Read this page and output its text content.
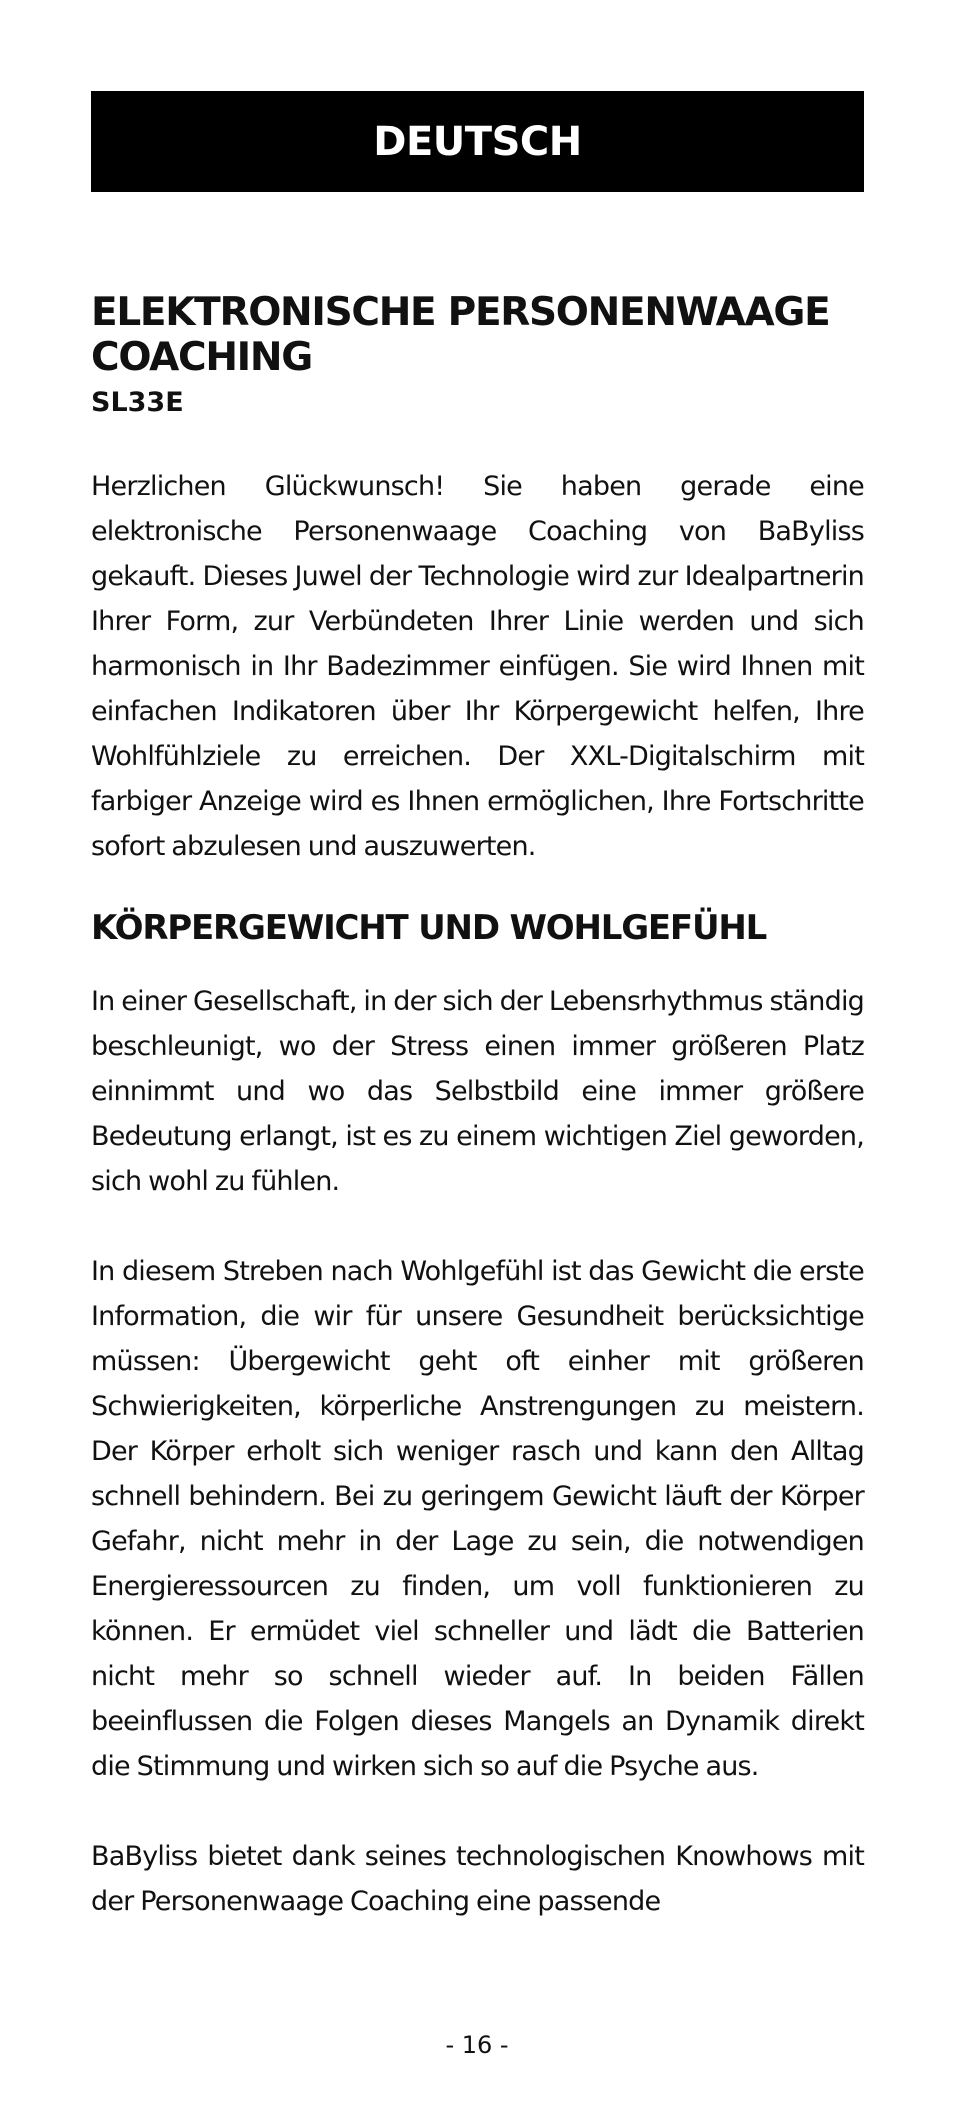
DEUTSCH
ELEKTRONISCHE PERSONENWAAGE COACHING
SL33E

Herzlichen Glückwunsch! Sie haben gerade eine elektronische Personenwaage Coaching von BaByliss gekauft. Dieses Juwel der Technologie wird zur Idealpartnerin Ihrer Form, zur Verbündeten Ihrer Linie werden und sich harmonisch in Ihr Badezimmer einfügen. Sie wird Ihnen mit einfachen Indikatoren über Ihr Körpergewicht helfen, Ihre Wohlfühlziele zu erreichen. Der XXL-Digitalschirm mit farbiger Anzeige wird es Ihnen ermöglichen, Ihre Fortschritte sofort abzulesen und auszuwerten.

KÖRPERGEWICHT UND WOHLGEFÜHL

In einer Gesellschaft, in der sich der Lebensrhythmus ständig beschleunigt, wo der Stress einen immer größeren Platz einnimmt und wo das Selbstbild eine immer größere Bedeutung erlangt, ist es zu einem wichtigen Ziel geworden, sich wohl zu fühlen.

In diesem Streben nach Wohlgefühl ist das Gewicht die erste Information, die wir für unsere Gesundheit berücksichtige müssen: Übergewicht geht oft einher mit größeren Schwierigkeiten, körperliche Anstrengungen zu meistern. Der Körper erholt sich weniger rasch und kann den Alltag schnell behindern. Bei zu geringem Gewicht läuft der Körper Gefahr, nicht mehr in der Lage zu sein, die notwendigen Energieressourcen zu finden, um voll funktionieren zu können. Er ermüdet viel schneller und lädt die Batterien nicht mehr so schnell wieder auf. In beiden Fällen beeinflussen die Folgen dieses Mangels an Dynamik direkt die Stimmung und wirken sich so auf die Psyche aus.

BaByliss bietet dank seines technologischen Knowhows mit der Personenwaage Coaching eine passende

- 16 -
